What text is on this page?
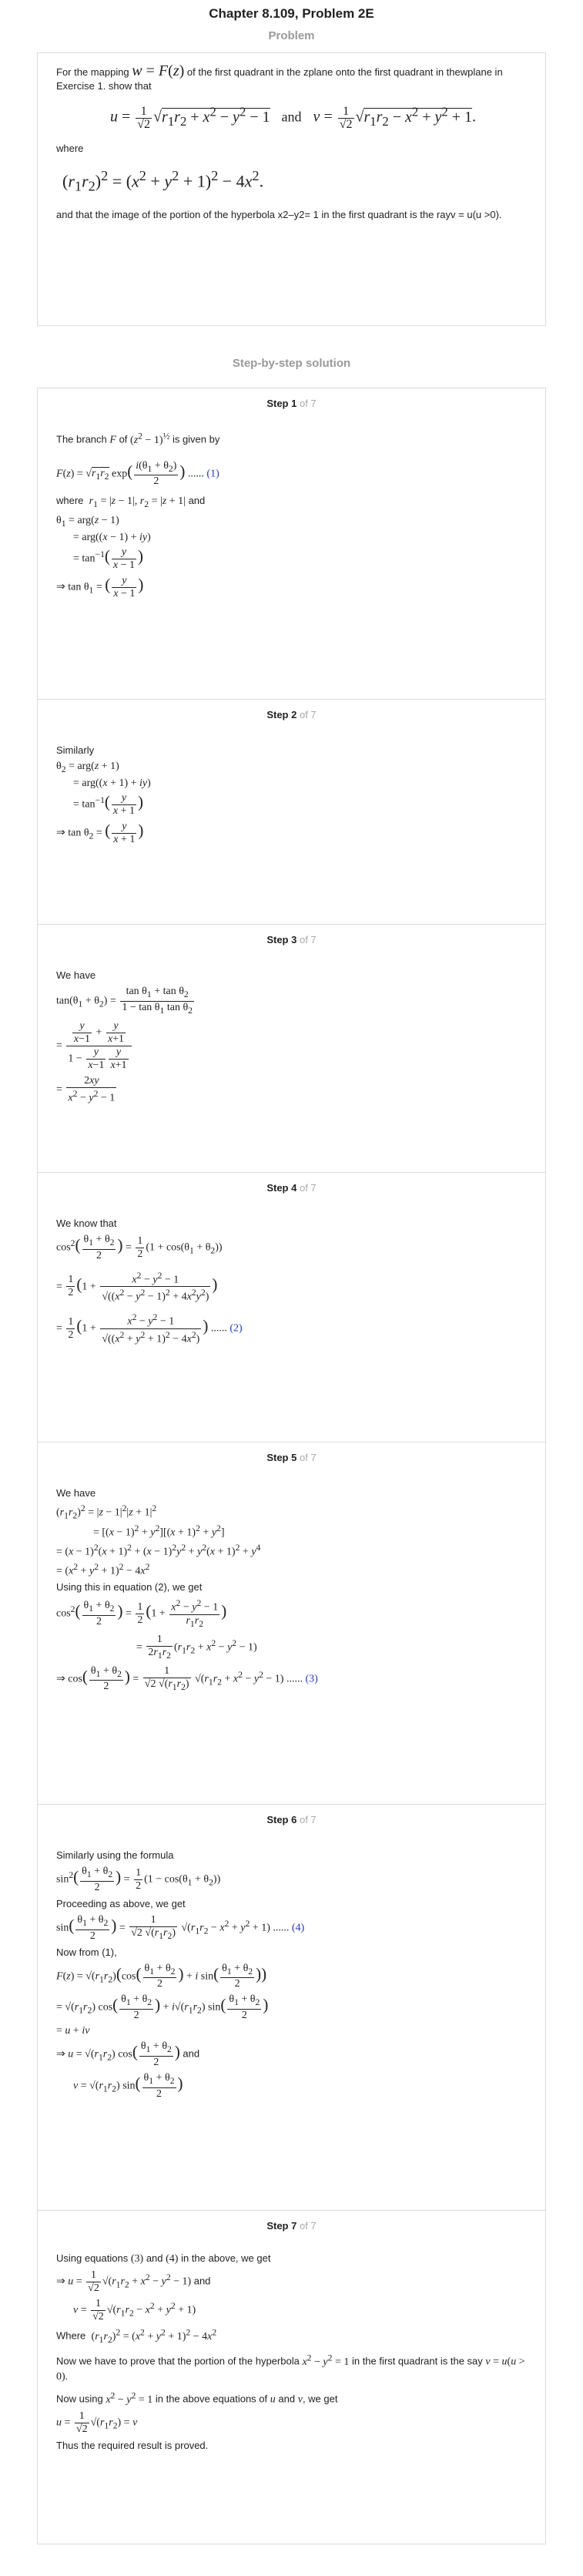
Chapter 8.109, Problem 2E
Problem
For the mapping w = F(z) of the first quadrant in the zplane onto the first quadrant in thewplane in Exercise 1. show that
$u = \frac{1}{√2} √r_1r_2 + x^2 - y^2 - 1$ and $v = \frac{1}{√2} √r_1r_2 - x^2 + y^2 + 1$.
where
$(r_1r_2)^2 = (x^2 + y^2 + 1)^2 - 4x^2$.
and that the image of the portion of the hyperbola x2–y2= 1 in the first quadrant is the rayv = u(u >0).
Step-by-step solution
Step 1 of 7
The branch F of $(z^2 - 1)^{\frac{1}{2}}$ is given by
$F(z) = √r_1r_2$ $\exp( \frac{i(\theta_1 + \theta_2)}{2}$ ) ...... (1)
where $r_1 = |z - 1|$, $r_2 = |z + 1|$ and
$\theta_1 = arg(z - 1)$
= arg((x − 1) + iy)
= $\tan^{-1}( \frac{y}{x - 1}$ )
⇒ $\tan \theta_1$ = ( $\frac{y}{x - 1}$ )
Step 2 of 7
Similarly
$\theta_2 = arg(z + 1)$
= arg((x + 1) + iy)
= $\tan^{-1}( \frac{y}{x + 1}$ )
⇒ $\tan \theta_2$ = ( $\frac{y}{x + 1}$ )
Step 3 of 7
We have
$\tan(\theta_1 + \theta_2) = \frac{\tan \theta_1 + \tan \theta_2}{1 - \tan \theta_1 \tan \theta_2}$
= $\frac{\frac{y}{x-1} + \frac{y}{x+1}}{1 - \frac{y}{x-1} \frac{y}{x+1}}$
= $\frac{2xy}{x^2 - y^2 - 1}$
Step 4 of 7
We know that
$\cos^2( \frac{\theta_1 + \theta_2}{2}$ ) = $\frac{1}{2} (1 + \cos(\theta_1 + \theta_2))$
= $\frac{1}{2} (1 + \frac{x^2 - y^2 - 1}{√((x^2 - y^2 - 1)^2 + 4x^2y^2)}$ )
= $\frac{1}{2} (1 + \frac{x^2 - y^2 - 1}{√((x^2 + y^2 + 1)^2 - 4x^2)}$ ) ...... (2)
Step 5 of 7
We have
$(r_1r_2)^2 = |z - 1|^2|z + 1|^2$
= $[(x - 1)^2 + y^2][(x + 1)^2 + y^2]$
= $(x - 1)^2(x + 1)^2 + (x - 1)^2y^2 + y^2(x + 1)^2 + y^4$
= $(x^2 + y^2 + 1)^2 - 4x^2$
Using this in equation (2), we get
$\cos^2( \frac{\theta_1 + \theta_2}{2}$ ) = $\frac{1}{2} (1 + \frac{x^2 - y^2 - 1}{r_1r_2}$ )
= $\frac{1}{2r_1r_2} (r_1r_2 + x^2 - y^2 - 1)$
⇒ $\cos( \frac{\theta_1 + \theta_2}{2}$ ) = $\frac{1}{√2 √(r_1r_2)} √(r_1r_2 + x^2 - y^2 - 1)$ ...... (3)
Step 6 of 7
Similarly using the formula
$\sin^2( \frac{\theta_1 + \theta_2}{2}$ ) = $\frac{1}{2} (1 - \cos(\theta_1 + \theta_2))$
Proceeding as above, we get
$\sin( \frac{\theta_1 + \theta_2}{2}$ ) = $\frac{1}{√2 √(r_1r_2)} √(r_1r_2 - x^2 + y^2 + 1)$ ...... (4)
Now from (1),
$F(z) = √(r_1r_2)(\cos( \frac{\theta_1 + \theta_2}{2}$ ) + i $\sin( \frac{\theta_1 + \theta_2}{2}$ ))
= $√(r_1r_2)$ $\cos( \frac{\theta_1 + \theta_2}{2}$ ) + $i√(r_1r_2)$ $\sin( \frac{\theta_1 + \theta_2}{2}$ )
= u + iv
⇒ $u = √(r_1r_2)$ $\cos( \frac{\theta_1 + \theta_2}{2}$ ) and
$v = √(r_1r_2)$ $\sin( \frac{\theta_1 + \theta_2}{2}$ )
Step 7 of 7
Using equations (3) and (4) in the above, we get
⇒ $u = \frac{1}{√2} √(r_1r_2 + x^2 - y^2 - 1)$ and
$v = \frac{1}{√2} √(r_1r_2 - x^2 + y^2 + 1)$
Where $(r_1r_2)^2 = (x^2 + y^2 + 1)^2 - 4x^2$
Now we have to prove that the portion of the hyperbola $x^2 - y^2 = 1$ in the first quadrant is the say v = u(u > 0).
Now using $x^2 - y^2 = 1$ in the above equations of u and v, we get
$u = \frac{1}{√2} √(r_1r_2) = v$
Thus the required result is proved.
